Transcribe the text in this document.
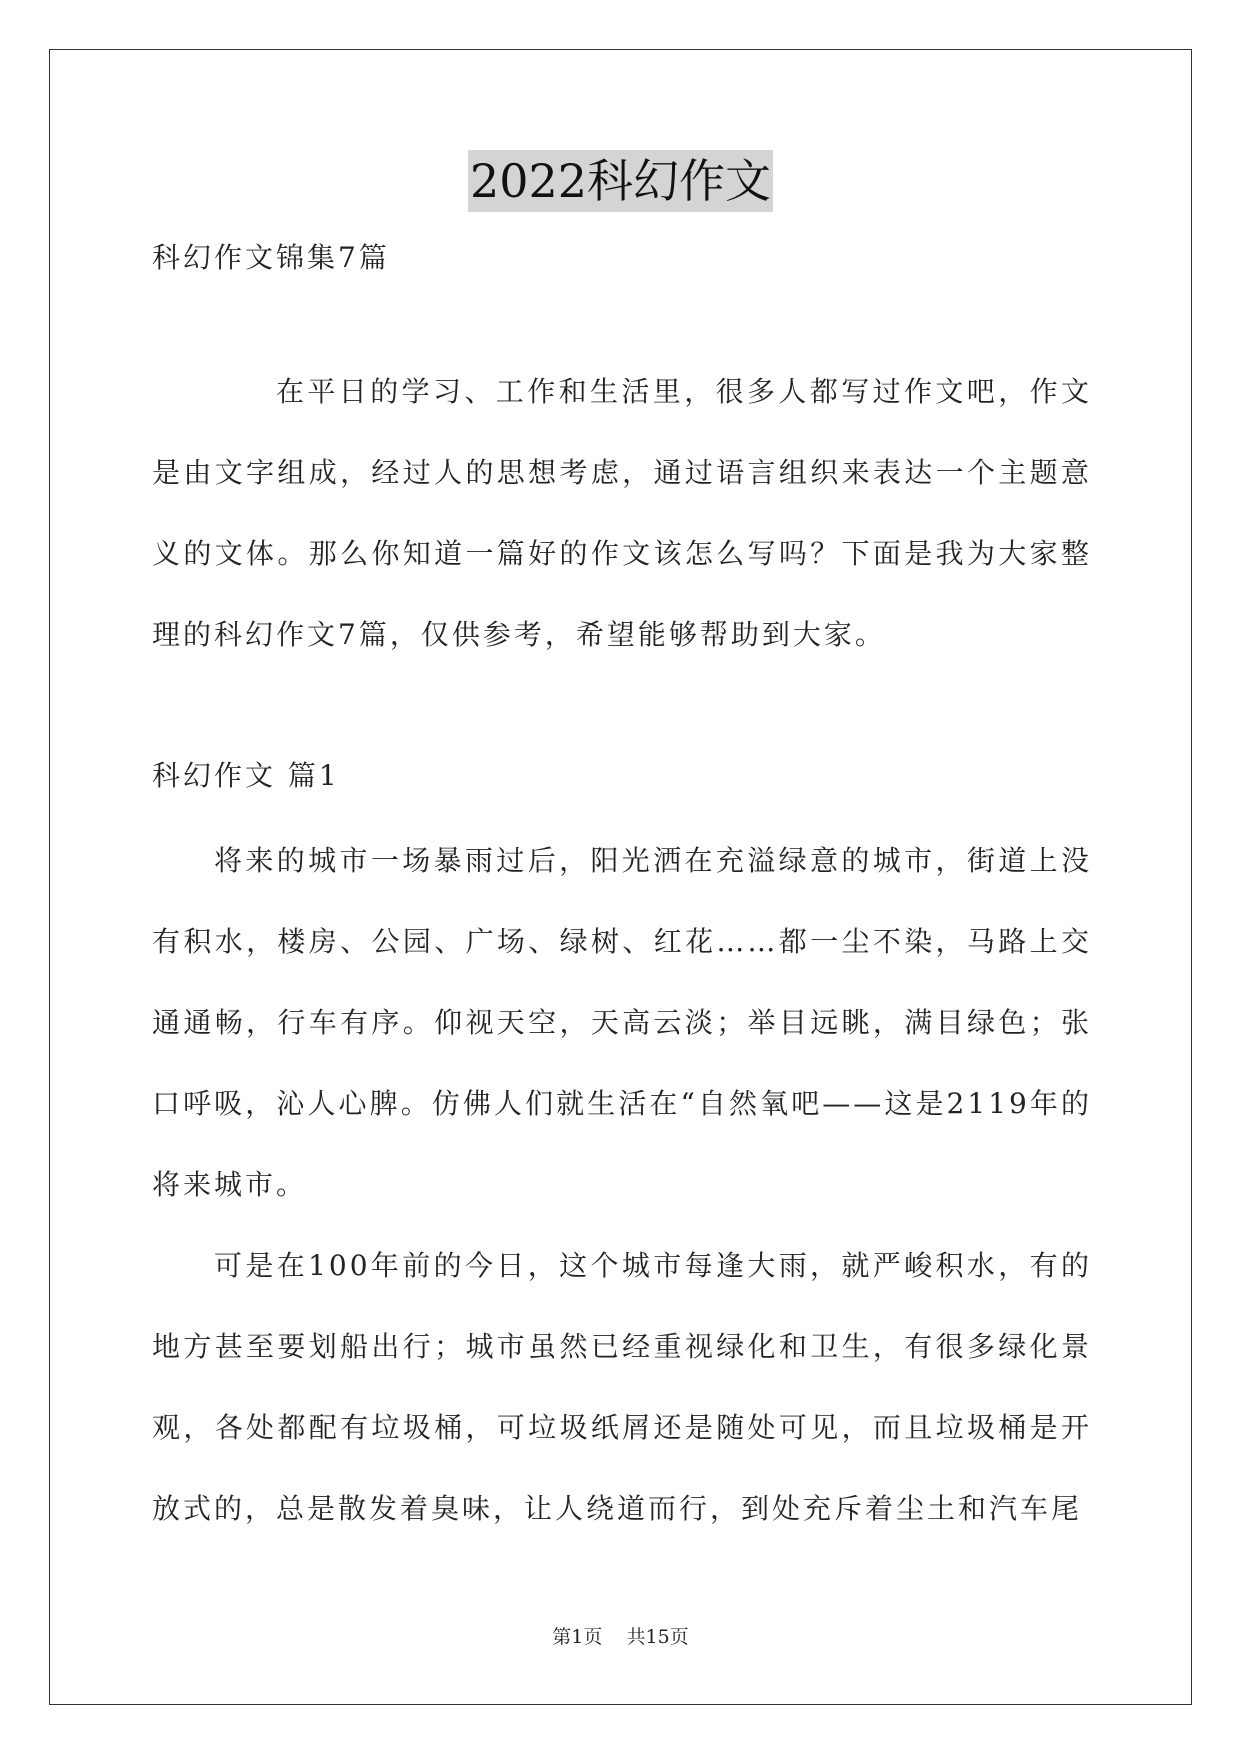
2022科幻作文
科幻作文锦集7篇
在平日的学习、工作和生活里，很多人都写过作文吧，作文是由文字组成，经过人的思想考虑，通过语言组织来表达一个主题意义的文体。那么你知道一篇好的作文该怎么写吗？下面是我为大家整理的科幻作文7篇，仅供参考，希望能够帮助到大家。
科幻作文 篇1

将来的城市一场暴雨过后，阳光洒在充溢绿意的城市，街道上没有积水，楼房、公园、广场、绿树、红花……都一尘不染，马路上交通通畅，行车有序。仰视天空，天高云淡；举目远眺，满目绿色；张口呼吸，沁人心脾。仿佛人们就生活在“自然氧吧——这是2119年的将来城市。

可是在100年前的今日，这个城市每逢大雨，就严峻积水，有的地方甚至要划船出行；城市虽然已经重视绿化和卫生，有很多绿化景观，各处都配有垃圾桶，可垃圾纸屑还是随处可见，而且垃圾桶是开放式的，总是散发着臭味，让人绕道而行，到处充斥着尘土和汽车尾

第1页 共15页
